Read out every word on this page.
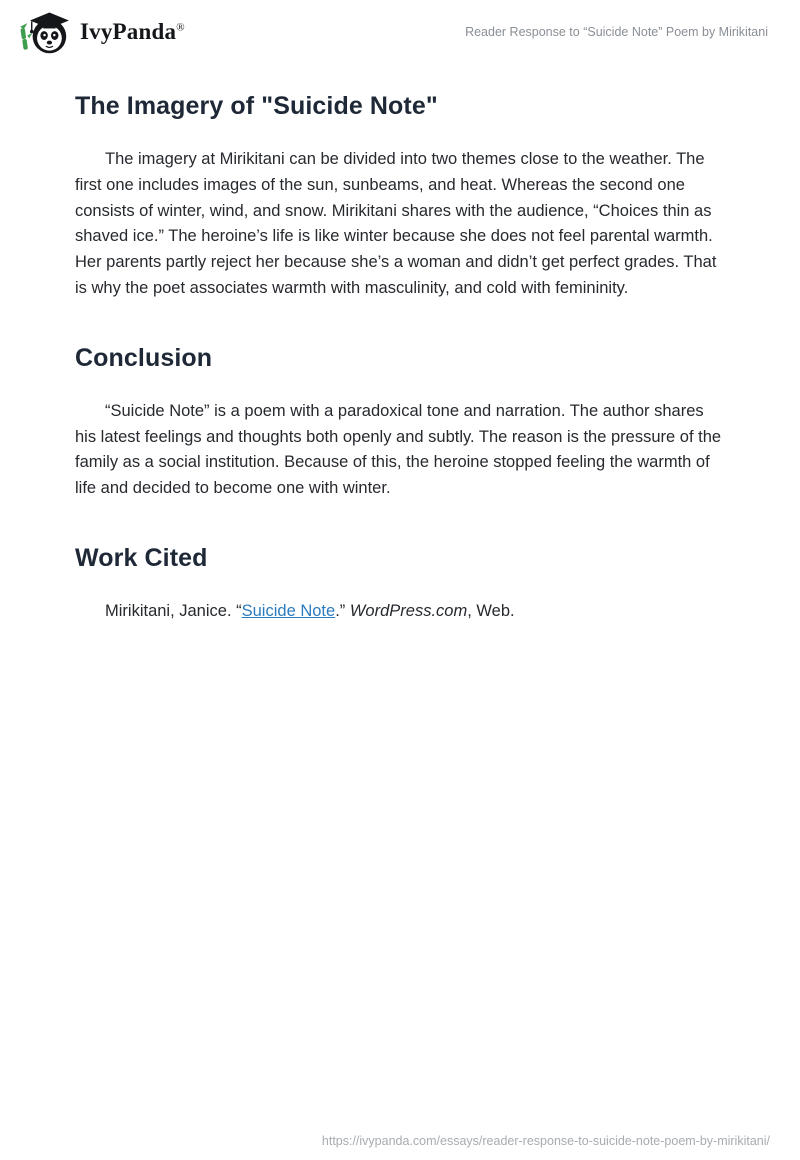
IvyPanda®	Reader Response to “Suicide Note” Poem by Mirikitani
The Imagery of "Suicide Note"

The imagery at Mirikitani can be divided into two themes close to the weather. The first one includes images of the sun, sunbeams, and heat. Whereas the second one consists of winter, wind, and snow. Mirikitani shares with the audience, “Choices thin as shaved ice.” The heroine’s life is like winter because she does not feel parental warmth. Her parents partly reject her because she’s a woman and didn’t get perfect grades. That is why the poet associates warmth with masculinity, and cold with femininity.

Conclusion

“Suicide Note” is a poem with a paradoxical tone and narration. The author shares his latest feelings and thoughts both openly and subtly. The reason is the pressure of the family as a social institution. Because of this, the heroine stopped feeling the warmth of life and decided to become one with winter.

Work Cited

Mirikitani, Janice. “Suicide Note.” WordPress.com, Web.

https://ivypanda.com/essays/reader-response-to-suicide-note-poem-by-mirikitani/
